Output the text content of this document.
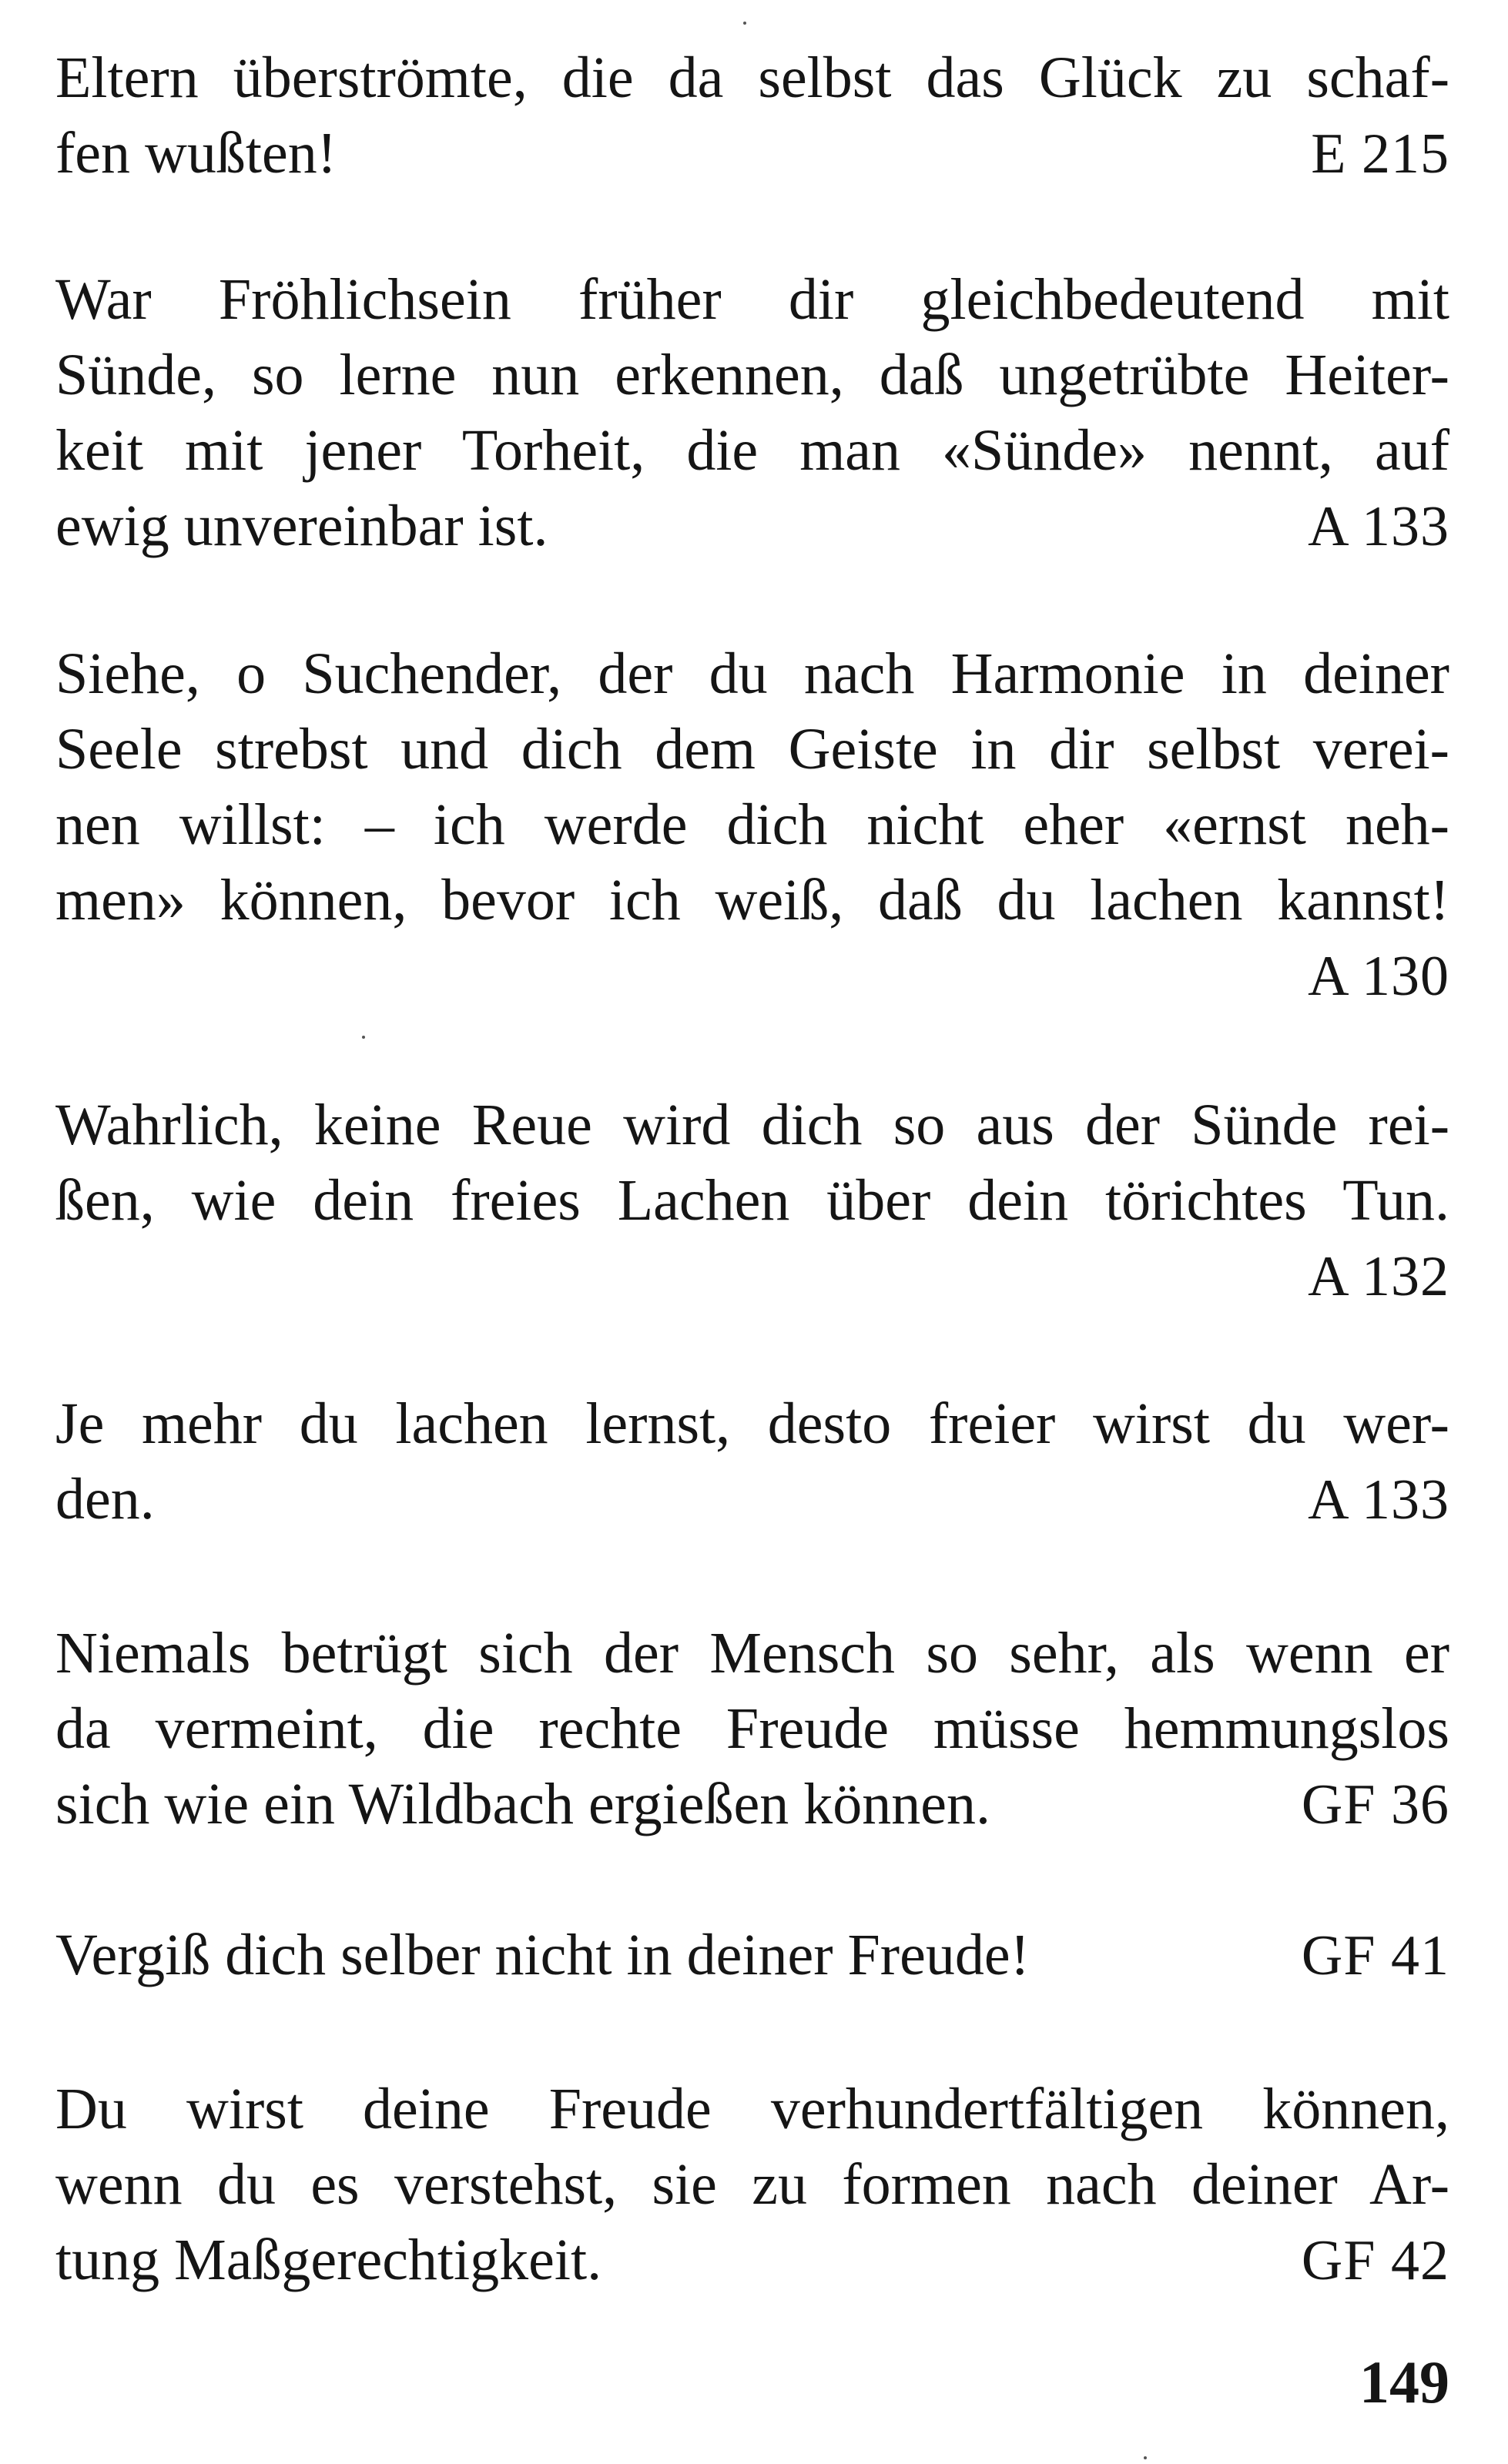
Eltern überströmte, die da selbst das Glück zu schaf-
fen wußten!	E 215
War Fröhlichsein früher dir gleichbedeutend mit
Sünde, so lerne nun erkennen, daß ungetrübte Heiter-
keit mit jener Torheit, die man «Sünde» nennt, auf
ewig unvereinbar ist.	A 133
Siehe, o Suchender, der du nach Harmonie in deiner
Seele strebst und dich dem Geiste in dir selbst verei-
nen willst: – ich werde dich nicht eher «ernst neh-
men» können, bevor ich weiß, daß du lachen kannst!
A 130
Wahrlich, keine Reue wird dich so aus der Sünde rei-
ßen, wie dein freies Lachen über dein törichtes Tun.
A 132
Je mehr du lachen lernst, desto freier wirst du wer-
den.	A 133
Niemals betrügt sich der Mensch so sehr, als wenn er
da vermeint, die rechte Freude müsse hemmungslos
sich wie ein Wildbach ergießen können.	GF 36
Vergiß dich selber nicht in deiner Freude!	GF 41
Du wirst deine Freude verhundertfältigen können,
wenn du es verstehst, sie zu formen nach deiner Ar-
tung Maßgerechtigkeit.	GF 42
149
